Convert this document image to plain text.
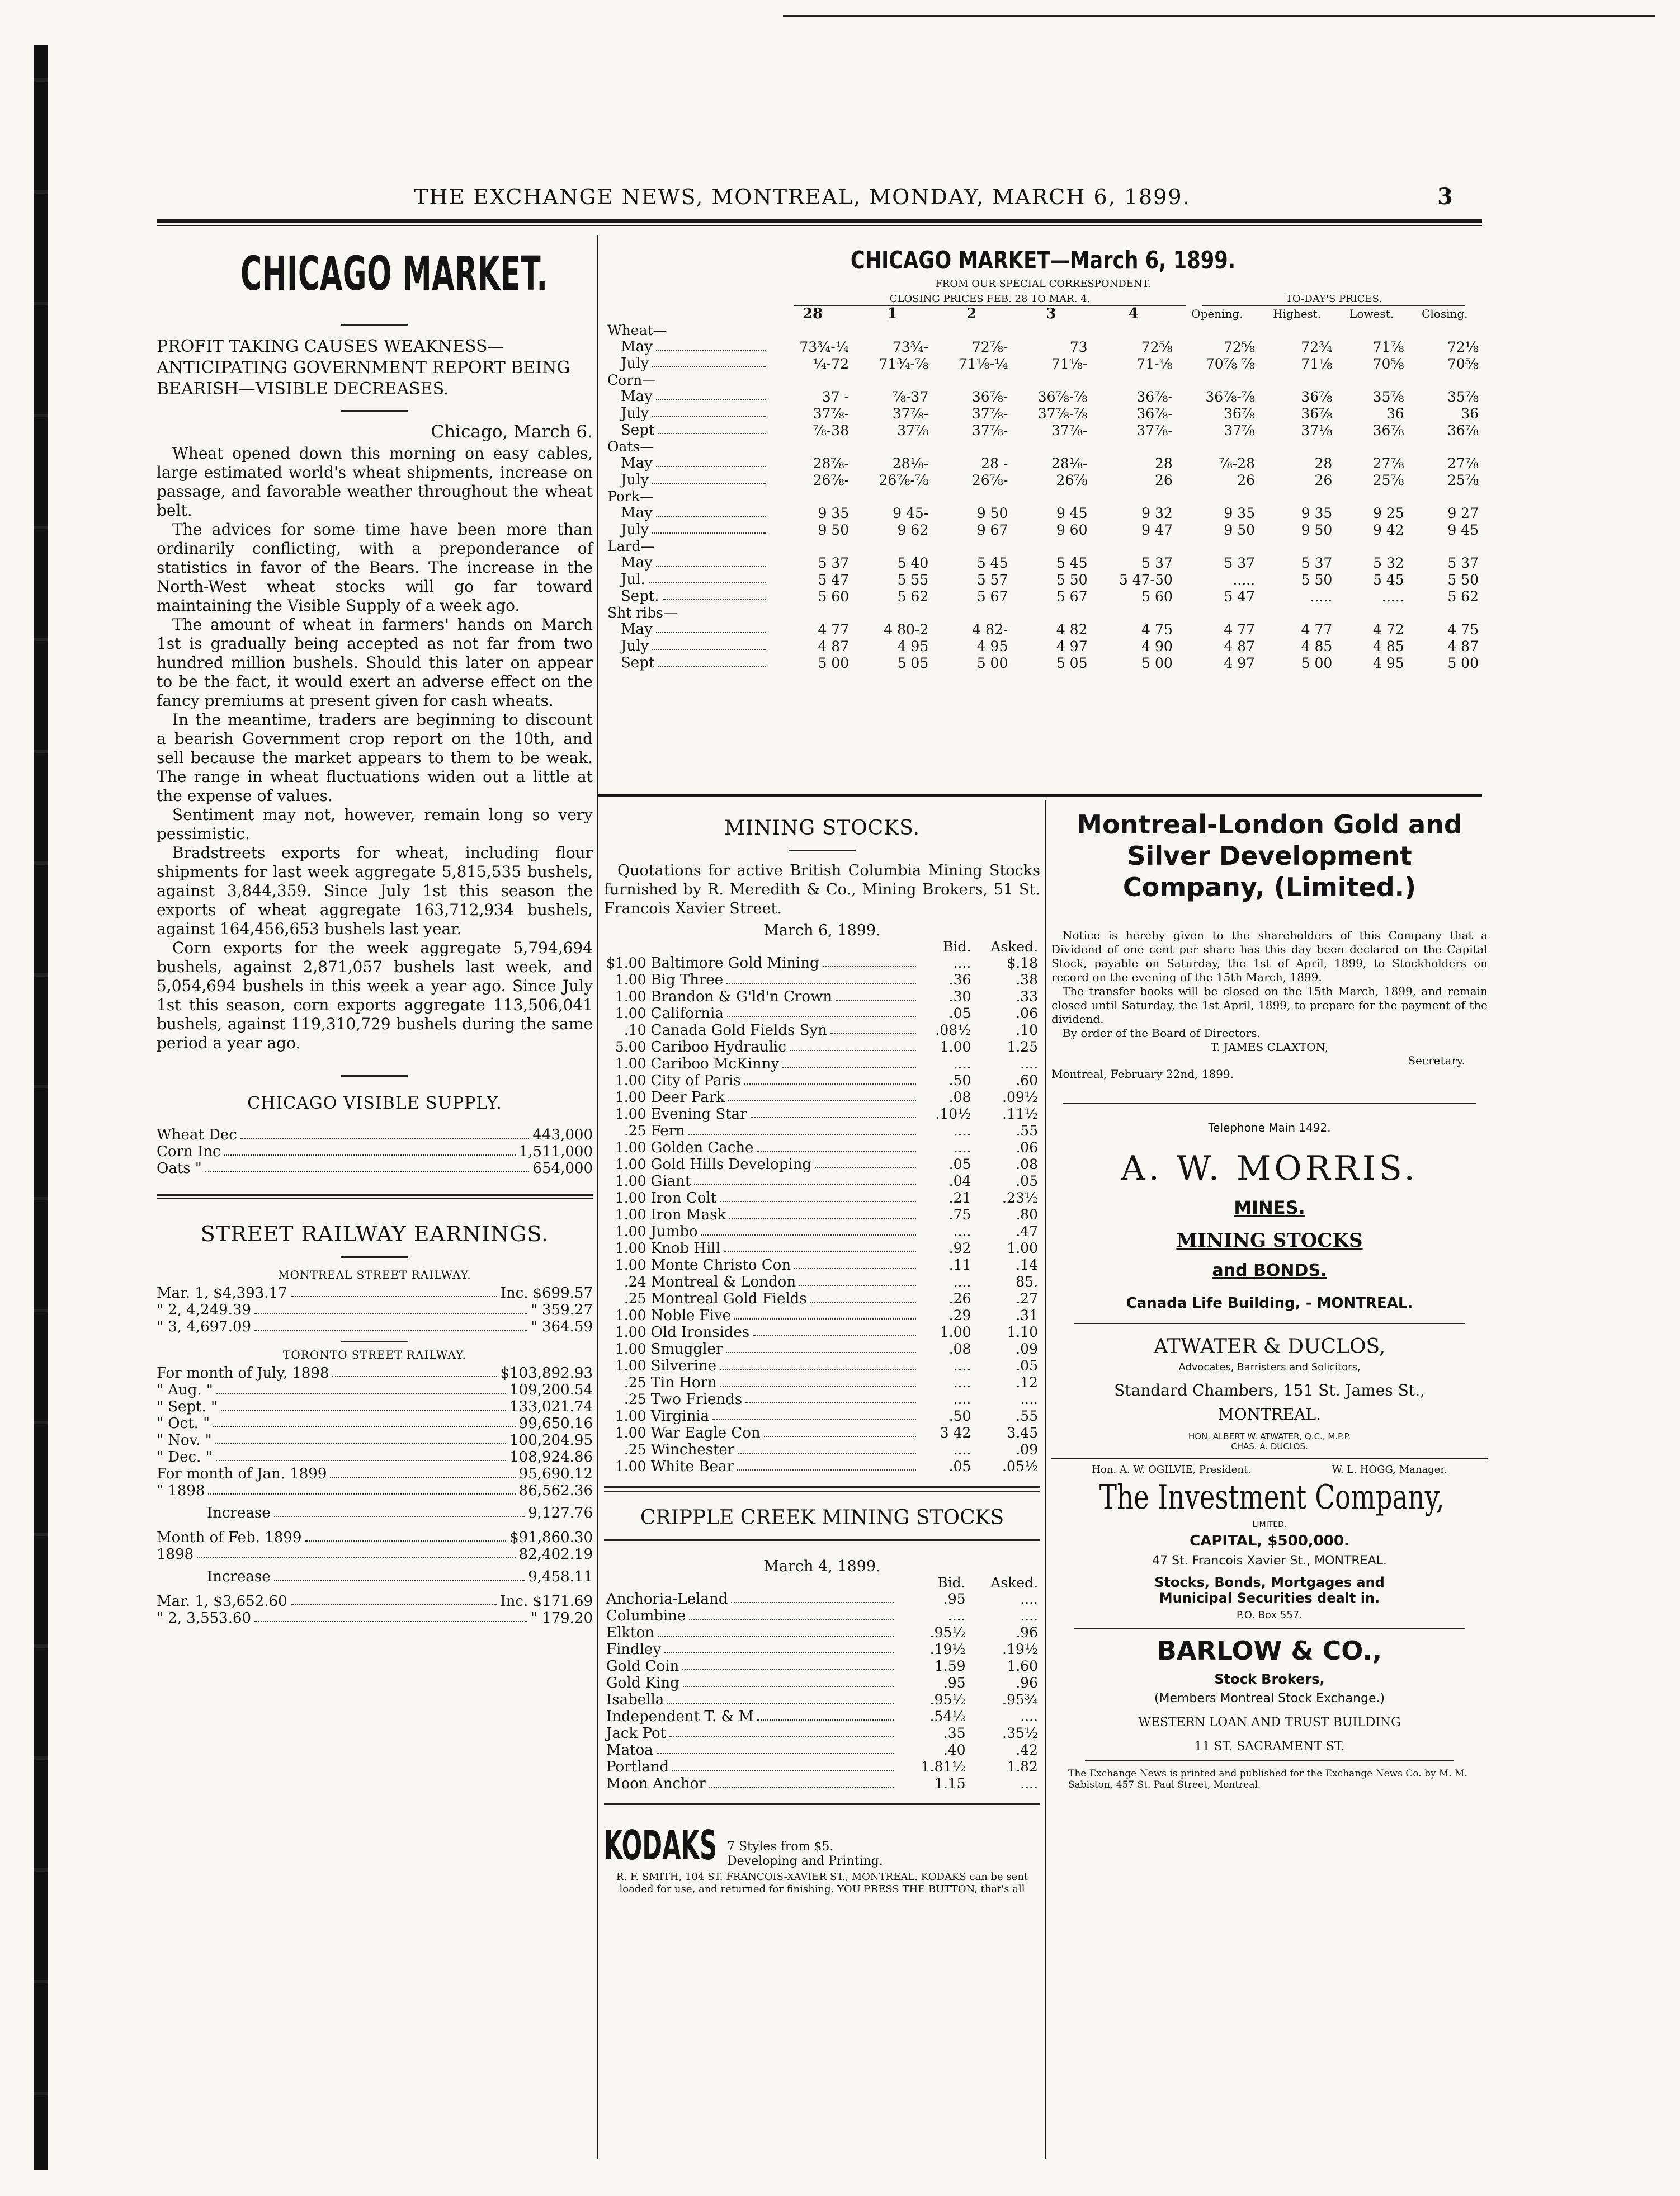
THE EXCHANGE NEWS, MONTREAL, MONDAY, MARCH 6, 1899.	3
CHICAGO MARKET.

PROFIT TAKING CAUSES WEAKNESS—ANTICIPATING GOVERNMENT REPORT BEING BEARISH—VISIBLE DECREASES.

Chicago, March 6.

Wheat opened down this morning on easy cables, large estimated world's wheat shipments, increase on passage, and favorable weather throughout the wheat belt.

The advices for some time have been more than ordinarily conflicting, with a preponderance of statistics in favor of the Bears. The increase in the North-West wheat stocks will go far toward maintaining the Visible Supply of a week ago.

The amount of wheat in farmers' hands on March 1st is gradually being accepted as not far from two hundred million bushels. Should this later on appear to be the fact, it would exert an adverse effect on the fancy premiums at present given for cash wheats.

In the meantime, traders are beginning to discount a bearish Government crop report on the 10th, and sell because the market appears to them to be weak. The range in wheat fluctuations widen out a little at the expense of values.

Sentiment may not, however, remain long so very pessimistic.

Bradstreets exports for wheat, including flour shipments for last week aggregate 5,815,535 bushels, against 3,844,359. Since July 1st this season the exports of wheat aggregate 163,712,934 bushels, against 164,456,653 bushels last year.

Corn exports for the week aggregate 5,794,694 bushels, against 2,871,057 bushels last week, and 5,054,694 bushels in this week a year ago. Since July 1st this season, corn exports aggregate 113,506,041 bushels, against 119,310,729 bushels during the same period a year ago.

CHICAGO VISIBLE SUPPLY.
Wheat Dec	443,000
Corn Inc	1,511,000
Oats "	654,000
STREET RAILWAY EARNINGS.
MONTREAL STREET RAILWAY.
Mar. 1, $4,393.17	Inc. $699.57
" 2, 4,249.39	" 359.27
" 3, 4,697.09	" 364.59
TORONTO STREET RAILWAY.
For month of July, 1898	$103,892.93
" Aug. "	109,200.54
" Sept. "	133,021.74
" Oct. "	99,650.16
" Nov. "	100,204.95
" Dec. "	108,924.86
For month of Jan. 1899	95,690.12
" 1898	86,562.36
Increase	9,127.76
Month of Feb. 1899	$91,860.30
1898	82,402.19
Increase	9,458.11
Mar. 1, $3,652.60	Inc. $171.69
" 2, 3,553.60	" 179.20
CHICAGO MARKET—March 6, 1899.
FROM OUR SPECIAL CORRESPONDENT.
CLOSING PRICES FEB. 28 TO MAR. 4.	TO-DAY'S PRICES.
	28	1	2	3	4	Opening.	Highest.	Lowest.	Closing.
Wheat—									

May	73¾-¼	73¾-	72⅞-	73	72⅝	72⅝	72¾	71⅞	72⅛

July	¼-72	71¾-⅞	71⅛-¼	71⅛-	71-⅛	70⅞ ⅞	71⅛	70⅝	70⅝
Corn—									

May	37 -	⅞-37	36⅞-	36⅞-⅞	36⅞-	36⅞-⅞	36⅞	35⅞	35⅞

July	37⅞-	37⅞-	37⅞-	37⅞-⅞	36⅞-	36⅞	36⅞	36	36

Sept	⅞-38	37⅞	37⅞-	37⅞-	37⅞-	37⅞	37⅛	36⅞	36⅞
Oats—									

May	28⅞-	28⅛-	28 -	28⅛-	28	⅞-28	28	27⅞	27⅞

July	26⅞-	26⅞-⅞	26⅞-	26⅞	26	26	26	25⅞	25⅞
Pork—									

May	9 35	9 45-	9 50	9 45	9 32	9 35	9 35	9 25	9 27

July	9 50	9 62	9 67	9 60	9 47	9 50	9 50	9 42	9 45
Lard—									

May	5 37	5 40	5 45	5 45	5 37	5 37	5 37	5 32	5 37

Jul.	5 47	5 55	5 57	5 50	5 47-50	.....	5 50	5 45	5 50

Sept.	5 60	5 62	5 67	5 67	5 60	5 47	.....	.....	5 62
Sht ribs—									

May	4 77	4 80-2	4 82-	4 82	4 75	4 77	4 77	4 72	4 75

July	4 87	4 95	4 95	4 97	4 90	4 87	4 85	4 85	4 87

Sept	5 00	5 05	5 00	5 05	5 00	4 97	5 00	4 95	5 00
MINING STOCKS.

Quotations for active British Columbia Mining Stocks furnished by R. Meredith & Co., Mining Brokers, 51 St. Francois Xavier Street.

March 6, 1899.
		Bid.	Asked.
$1.00	Baltimore Gold Mining	....	$.18
1.00	Big Three	.36	.38
1.00	Brandon & G'ld'n Crown	.30	.33
1.00	California	.05	.06
.10	Canada Gold Fields Syn	.08½	.10
5.00	Cariboo Hydraulic	1.00	1.25
1.00	Cariboo McKinny	....	....
1.00	City of Paris	.50	.60
1.00	Deer Park	.08	.09½
1.00	Evening Star	.10½	.11½
.25	Fern	....	.55
1.00	Golden Cache	....	.06
1.00	Gold Hills Developing	.05	.08
1.00	Giant	.04	.05
1.00	Iron Colt	.21	.23½
1.00	Iron Mask	.75	.80
1.00	Jumbo	....	.47
1.00	Knob Hill	.92	1.00
1.00	Monte Christo Con	.11	.14
.24	Montreal & London	....	85.
.25	Montreal Gold Fields	.26	.27
1.00	Noble Five	.29	.31
1.00	Old Ironsides	1.00	1.10
1.00	Smuggler	.08	.09
1.00	Silverine	....	.05
.25	Tin Horn	....	.12
.25	Two Friends	....	....
1.00	Virginia	.50	.55
1.00	War Eagle Con	3 42	3.45
.25	Winchester	....	.09
1.00	White Bear	.05	.05½
CRIPPLE CREEK MINING STOCKS
March 4, 1899.
	Bid.	Asked.

Anchoria-Leland	.95	....

Columbine	....	....

Elkton	.95½	.96

Findley	.19½	.19½

Gold Coin	1.59	1.60

Gold King	.95	.96

Isabella	.95½	.95¾

Independent T. & M	.54½	....

Jack Pot	.35	.35½

Matoa	.40	.42

Portland	1.81½	1.82

Moon Anchor	1.15	....
KODAKS 7 Styles from $5.
Developing and Printing.
R. F. SMITH, 104 ST. FRANCOIS-XAVIER ST., MONTREAL. KODAKS can be sent loaded for use, and returned for finishing. YOU PRESS THE BUTTON, that's all
Montreal-London Gold and Silver Development Company, (Limited.)

Notice is hereby given to the shareholders of this Company that a Dividend of one cent per share has this day been declared on the Capital Stock, payable on Saturday, the 1st of April, 1899, to Stockholders on record on the evening of the 15th March, 1899.

The transfer books will be closed on the 15th March, 1899, and remain closed until Saturday, the 1st April, 1899, to prepare for the payment of the dividend.

By order of the Board of Directors.

T. JAMES CLAXTON,
Secretary.
Montreal, February 22nd, 1899.
Telephone Main 1492.
A. W. MORRIS.
MINES.
MINING STOCKS
and BONDS.
Canada Life Building, - MONTREAL.
ATWATER & DUCLOS,
Advocates, Barristers and Solicitors,
Standard Chambers, 151 St. James St.,
MONTREAL.
HON. ALBERT W. ATWATER, Q.C., M.P.P.
CHAS. A. DUCLOS.
Hon. A. W. OGILVIE, President.	W. L. HOGG, Manager.
The Investment Company,
LIMITED.
CAPITAL, $500,000.
47 St. Francois Xavier St., MONTREAL.
Stocks, Bonds, Mortgages and
Municipal Securities dealt in.
P.O. Box 557.
BARLOW & CO.,
Stock Brokers,
(Members Montreal Stock Exchange.)
WESTERN LOAN AND TRUST BUILDING
11 ST. SACRAMENT ST.
The Exchange News is printed and published for the Exchange News Co. by M. M. Sabiston, 457 St. Paul Street, Montreal.
